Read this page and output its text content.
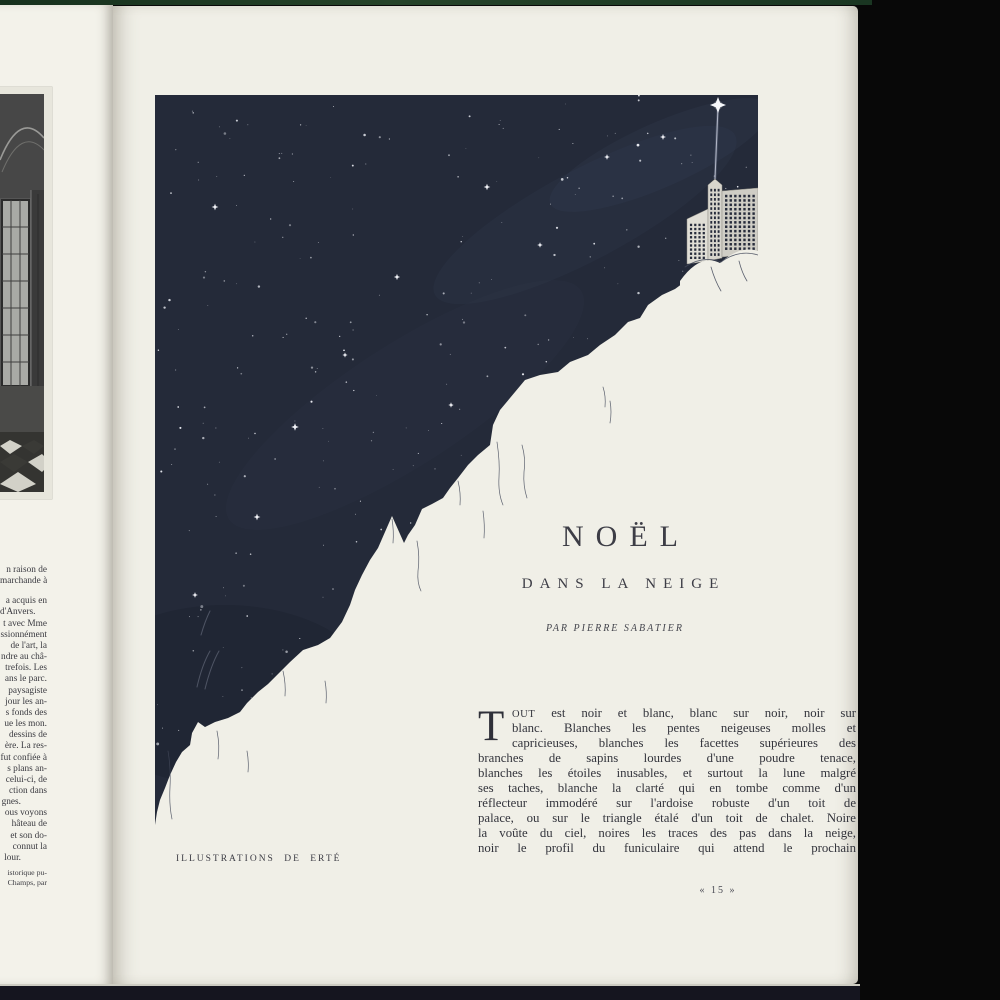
n raison de
marchande à
a acquis en
d'Anvers.
t avec Mme
ssionnément
de l'art, la
ndre au châ-
trefois. Les
ans le parc.
paysagiste
jour les an-
s fonds des
ue les mon.
dessins de
ère. La res-
fut confiée à
s plans an-
celui-ci, de
ction dans
gnes.
ous voyons
hâteau de
et son do-
connut la
lour.
istorique pu-
Champs, par
NOËL
DANS LA NEIGE
PAR PIERRE SABATIER
T OUT est noir et blanc, blanc sur noir, noir sur
blanc. Blanches les pentes neigeuses molles et
capricieuses, blanches les facettes supérieures des
branches de sapins lourdes d'une poudre tenace,
blanches les étoiles inusables, et surtout la lune malgré
ses taches, blanche la clarté qui en tombe comme d'un
réflecteur immodéré sur l'ardoise robuste d'un toit de
palace, ou sur le triangle étalé d'un toit de chalet. Noire
la voûte du ciel, noires les traces des pas dans la neige,
noir le profil du funiculaire qui attend le prochain
ILLUSTRATIONS DE ERTÉ
« 15 »
